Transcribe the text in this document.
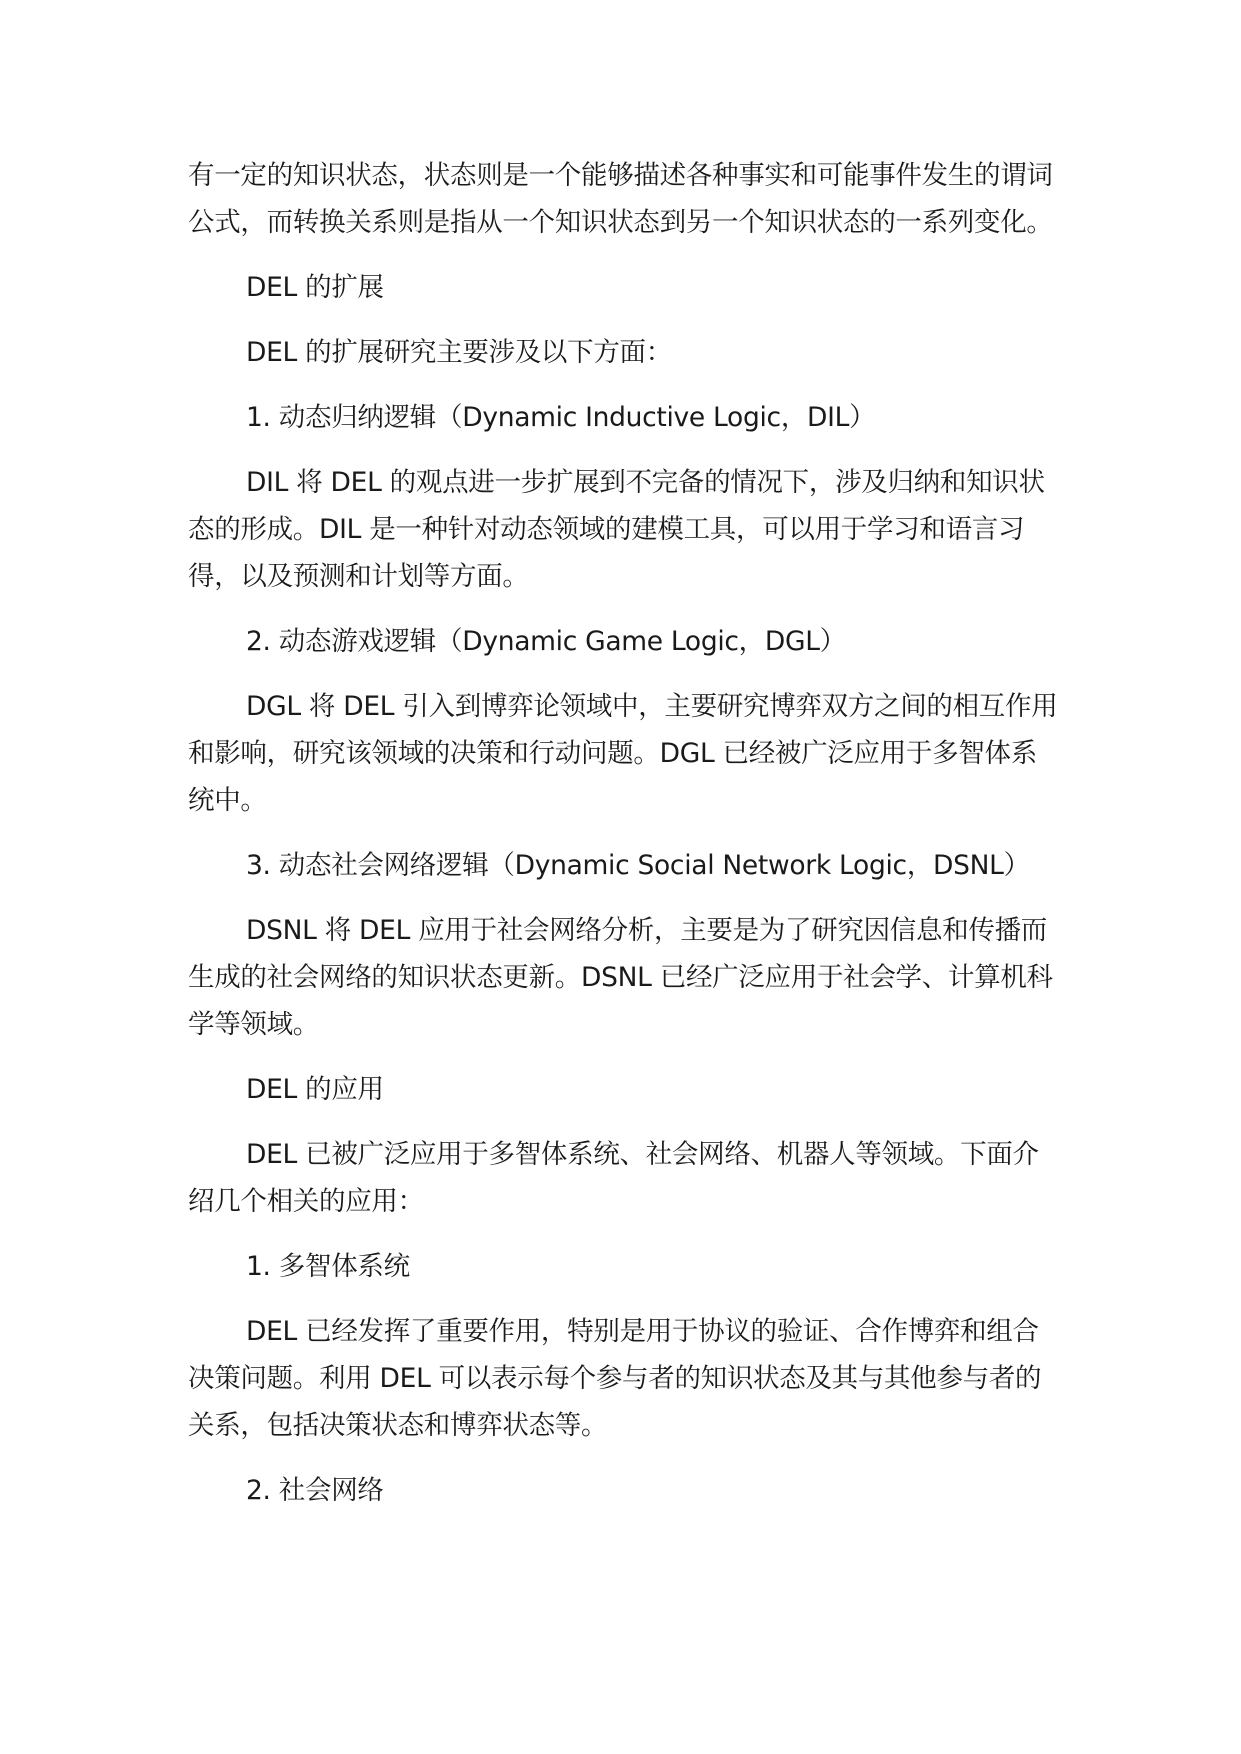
有一定的知识状态，状态则是一个能够描述各种事实和可能事件发生的谓词公式，而转换关系则是指从一个知识状态到另一个知识状态的一系列变化。

DEL 的扩展

DEL 的扩展研究主要涉及以下方面：

1. 动态归纳逻辑（Dynamic Inductive Logic，DIL）

DIL 将 DEL 的观点进一步扩展到不完备的情况下，涉及归纳和知识状态的形成。DIL 是一种针对动态领域的建模工具，可以用于学习和语言习得，以及预测和计划等方面。

2. 动态游戏逻辑（Dynamic Game Logic，DGL）

DGL 将 DEL 引入到博弈论领域中，主要研究博弈双方之间的相互作用和影响，研究该领域的决策和行动问题。DGL 已经被广泛应用于多智体系统中。

3. 动态社会网络逻辑（Dynamic Social Network Logic，DSNL）

DSNL 将 DEL 应用于社会网络分析，主要是为了研究因信息和传播而生成的社会网络的知识状态更新。DSNL 已经广泛应用于社会学、计算机科学等领域。

DEL 的应用

DEL 已被广泛应用于多智体系统、社会网络、机器人等领域。下面介绍几个相关的应用：

1. 多智体系统

DEL 已经发挥了重要作用，特别是用于协议的验证、合作博弈和组合决策问题。利用 DEL 可以表示每个参与者的知识状态及其与其他参与者的关系，包括决策状态和博弈状态等。

2. 社会网络
